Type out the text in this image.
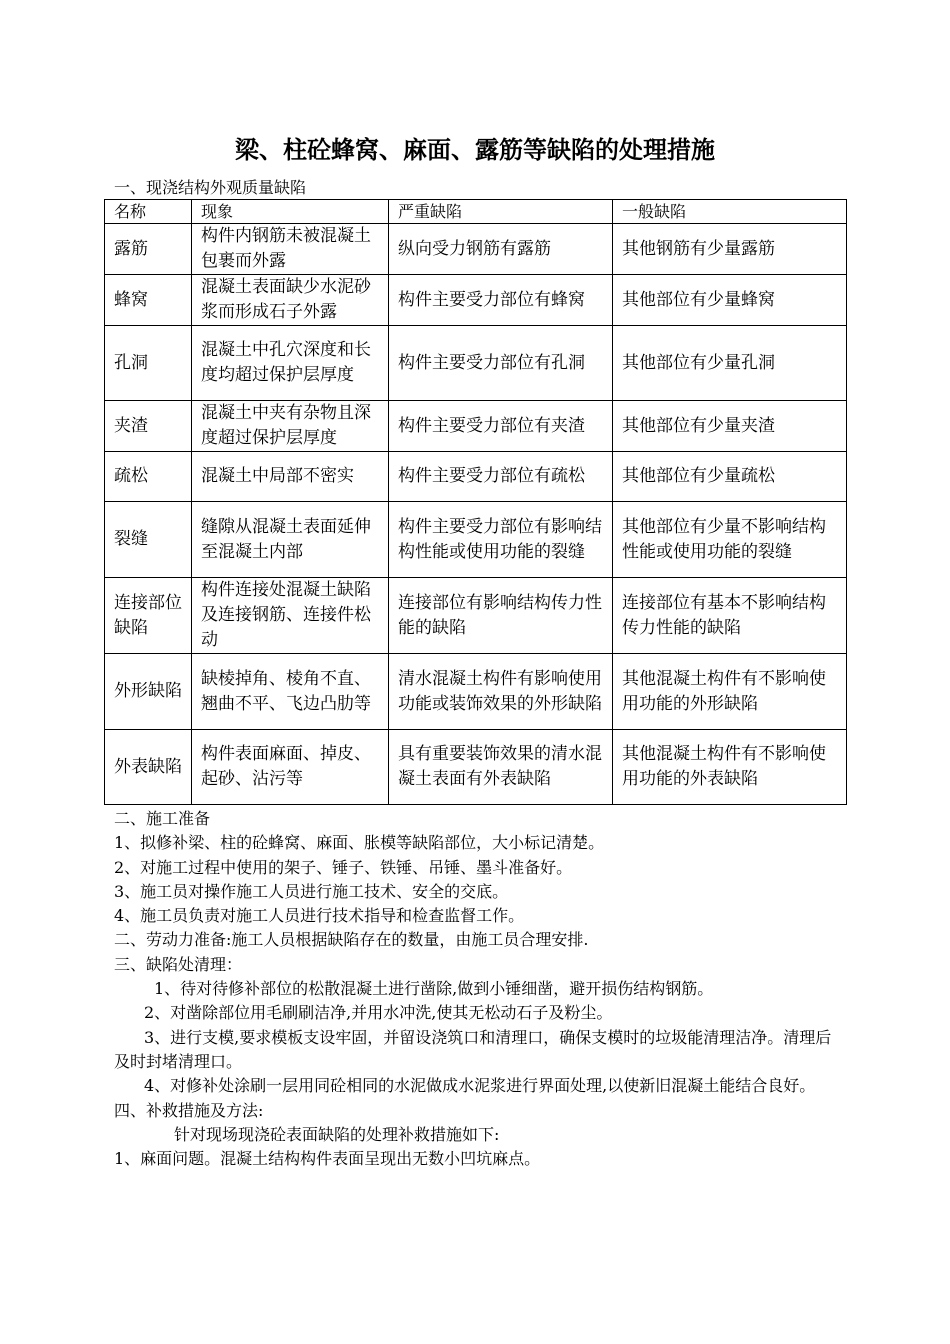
梁、柱砼蜂窝、麻面、露筋等缺陷的处理措施
一、现浇结构外观质量缺陷
名称	现象	严重缺陷	一般缺陷
露筋	构件内钢筋未被混凝土包裹而外露	纵向受力钢筋有露筋	其他钢筋有少量露筋
蜂窝	混凝土表面缺少水泥砂浆而形成石子外露	构件主要受力部位有蜂窝	其他部位有少量蜂窝
孔洞	混凝土中孔穴深度和长度均超过保护层厚度	构件主要受力部位有孔洞	其他部位有少量孔洞
夹渣	混凝土中夹有杂物且深度超过保护层厚度	构件主要受力部位有夹渣	其他部位有少量夹渣
疏松	混凝土中局部不密实	构件主要受力部位有疏松	其他部位有少量疏松
裂缝	缝隙从混凝土表面延伸至混凝土内部	构件主要受力部位有影响结构性能或使用功能的裂缝	其他部位有少量不影响结构性能或使用功能的裂缝
连接部位缺陷	构件连接处混凝土缺陷及连接钢筋、连接件松动	连接部位有影响结构传力性能的缺陷	连接部位有基本不影响结构传力性能的缺陷
外形缺陷	缺棱掉角、棱角不直、翘曲不平、飞边凸肋等	清水混凝土构件有影响使用功能或装饰效果的外形缺陷	其他混凝土构件有不影响使用功能的外形缺陷
外表缺陷	构件表面麻面、掉皮、起砂、沾污等	具有重要装饰效果的清水混凝土表面有外表缺陷	其他混凝土构件有不影响使用功能的外表缺陷

二、施工准备

1、拟修补梁、柱的砼蜂窝、麻面、胀模等缺陷部位，大小标记清楚。

2、对施工过程中使用的架子、锤子、铁锤、吊锤、墨斗准备好。

3、施工员对操作施工人员进行施工技术、安全的交底。

4、施工员负责对施工人员进行技术指导和检查监督工作。

二、劳动力准备:施工人员根据缺陷存在的数量，由施工员合理安排.

三、缺陷处清理：

1、待对待修补部位的松散混凝土进行凿除,做到小锤细凿，避开损伤结构钢筋。

2、对凿除部位用毛刷刷洁净,并用水冲洗,使其无松动石子及粉尘。

3、进行支模,要求模板支设牢固，并留设浇筑口和清理口，确保支模时的垃圾能清理洁净。清理后及时封堵清理口。

4、对修补处涂刷一层用同砼相同的水泥做成水泥浆进行界面处理,以使新旧混凝土能结合良好。

四、补救措施及方法:

针对现场现浇砼表面缺陷的处理补救措施如下:

1、麻面问题。混凝土结构构件表面呈现出无数小凹坑麻点。
